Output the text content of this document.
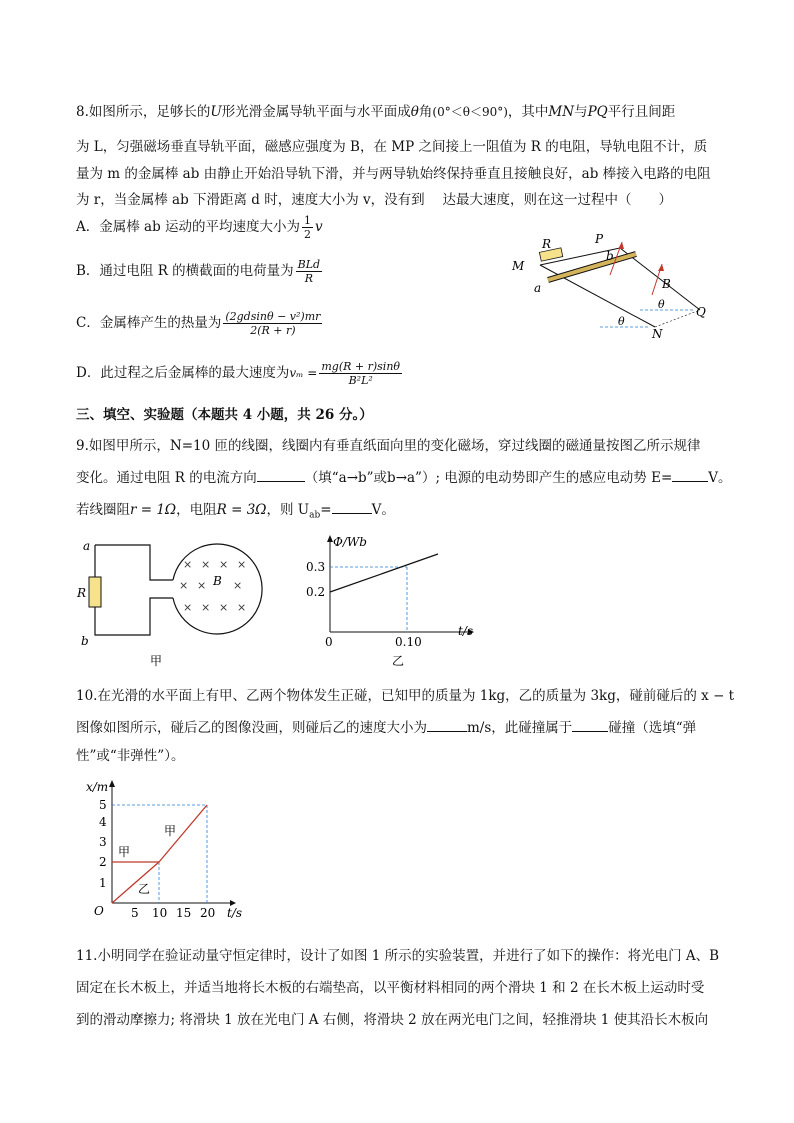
8.如图所示，足够长的U形光滑金属导轨平面与水平面成θ角(0°＜θ＜90°)，其中MN与PQ平行且间距
为 L，匀强磁场垂直导轨平面，磁感应强度为 B，在 MP 之间接上一阻值为 R 的电阻，导轨电阻不计，质
量为 m 的金属棒 ab 由静止开始沿导轨下滑，并与两导轨始终保持垂直且接触良好，ab 棒接入电路的电阻
为 r，当金属棒 ab 下滑距离 d 时，速度大小为 v，没有到　 达最大速度，则在这一过程中（　　）
A．金属棒 ab 运动的平均速度大小为 $\frac{1}{2}$ v
B．通过电阻 R 的横截面的电荷量为 $\frac{\text{BLd}}{R}$
C．金属棒产生的热量为 $\frac{\text{(2gdsinθ − v²)mr}}{2(R + r)}$
D．此过程之后金属棒的最大速度为$v_m = \frac{mg(R + r)\sin\theta}{\text{B²L²}}$
R	P
b
M
a	B
θ
Q
θ
N
三、填空、实验题（本题共 4 小题，共 26 分。）
9.如图甲所示，N=10 匝的线圈，线圈内有垂直纸面向里的变化磁场，穿过线圈的磁通量按图乙所示规律
变化。通过电阻 R 的电流方向	（填“a→b”或b→a”）; 电源的电动势即产生的感应电动势 E=	V。
若线圈阻r = 1Ω，电阻R = 3Ω，则 $U_{ab}=$	V。
a
b
R
B
× × × ×
× × ×
× × × ×
甲
Φ/Wb
t/s
0.3
0.2
0	0.10
乙
10.在光滑的水平面上有甲、乙两个物体发生正碰，已知甲的质量为 1kg，乙的质量为 3kg，碰前碰后的 x − t
图像如图所示，碰后乙的图像没画，则碰后乙的速度大小为	m/s，此碰撞属于	碰撞（选填“弹
性”或“非弹性”）。
x/m
t/s
O
1
2
3
4
5
5 10 15 20
甲
甲
乙
11.小明同学在验证动量守恒定律时，设计了如图 1 所示的实验装置，并进行了如下的操作：将光电门 A、B
固定在长木板上，并适当地将长木板的右端垫高，以平衡材料相同的两个滑块 1 和 2 在长木板上运动时受
到的滑动摩擦力; 将滑块 1 放在光电门 A 右侧，将滑块 2 放在两光电门之间，轻推滑块 1 使其沿长木板向
